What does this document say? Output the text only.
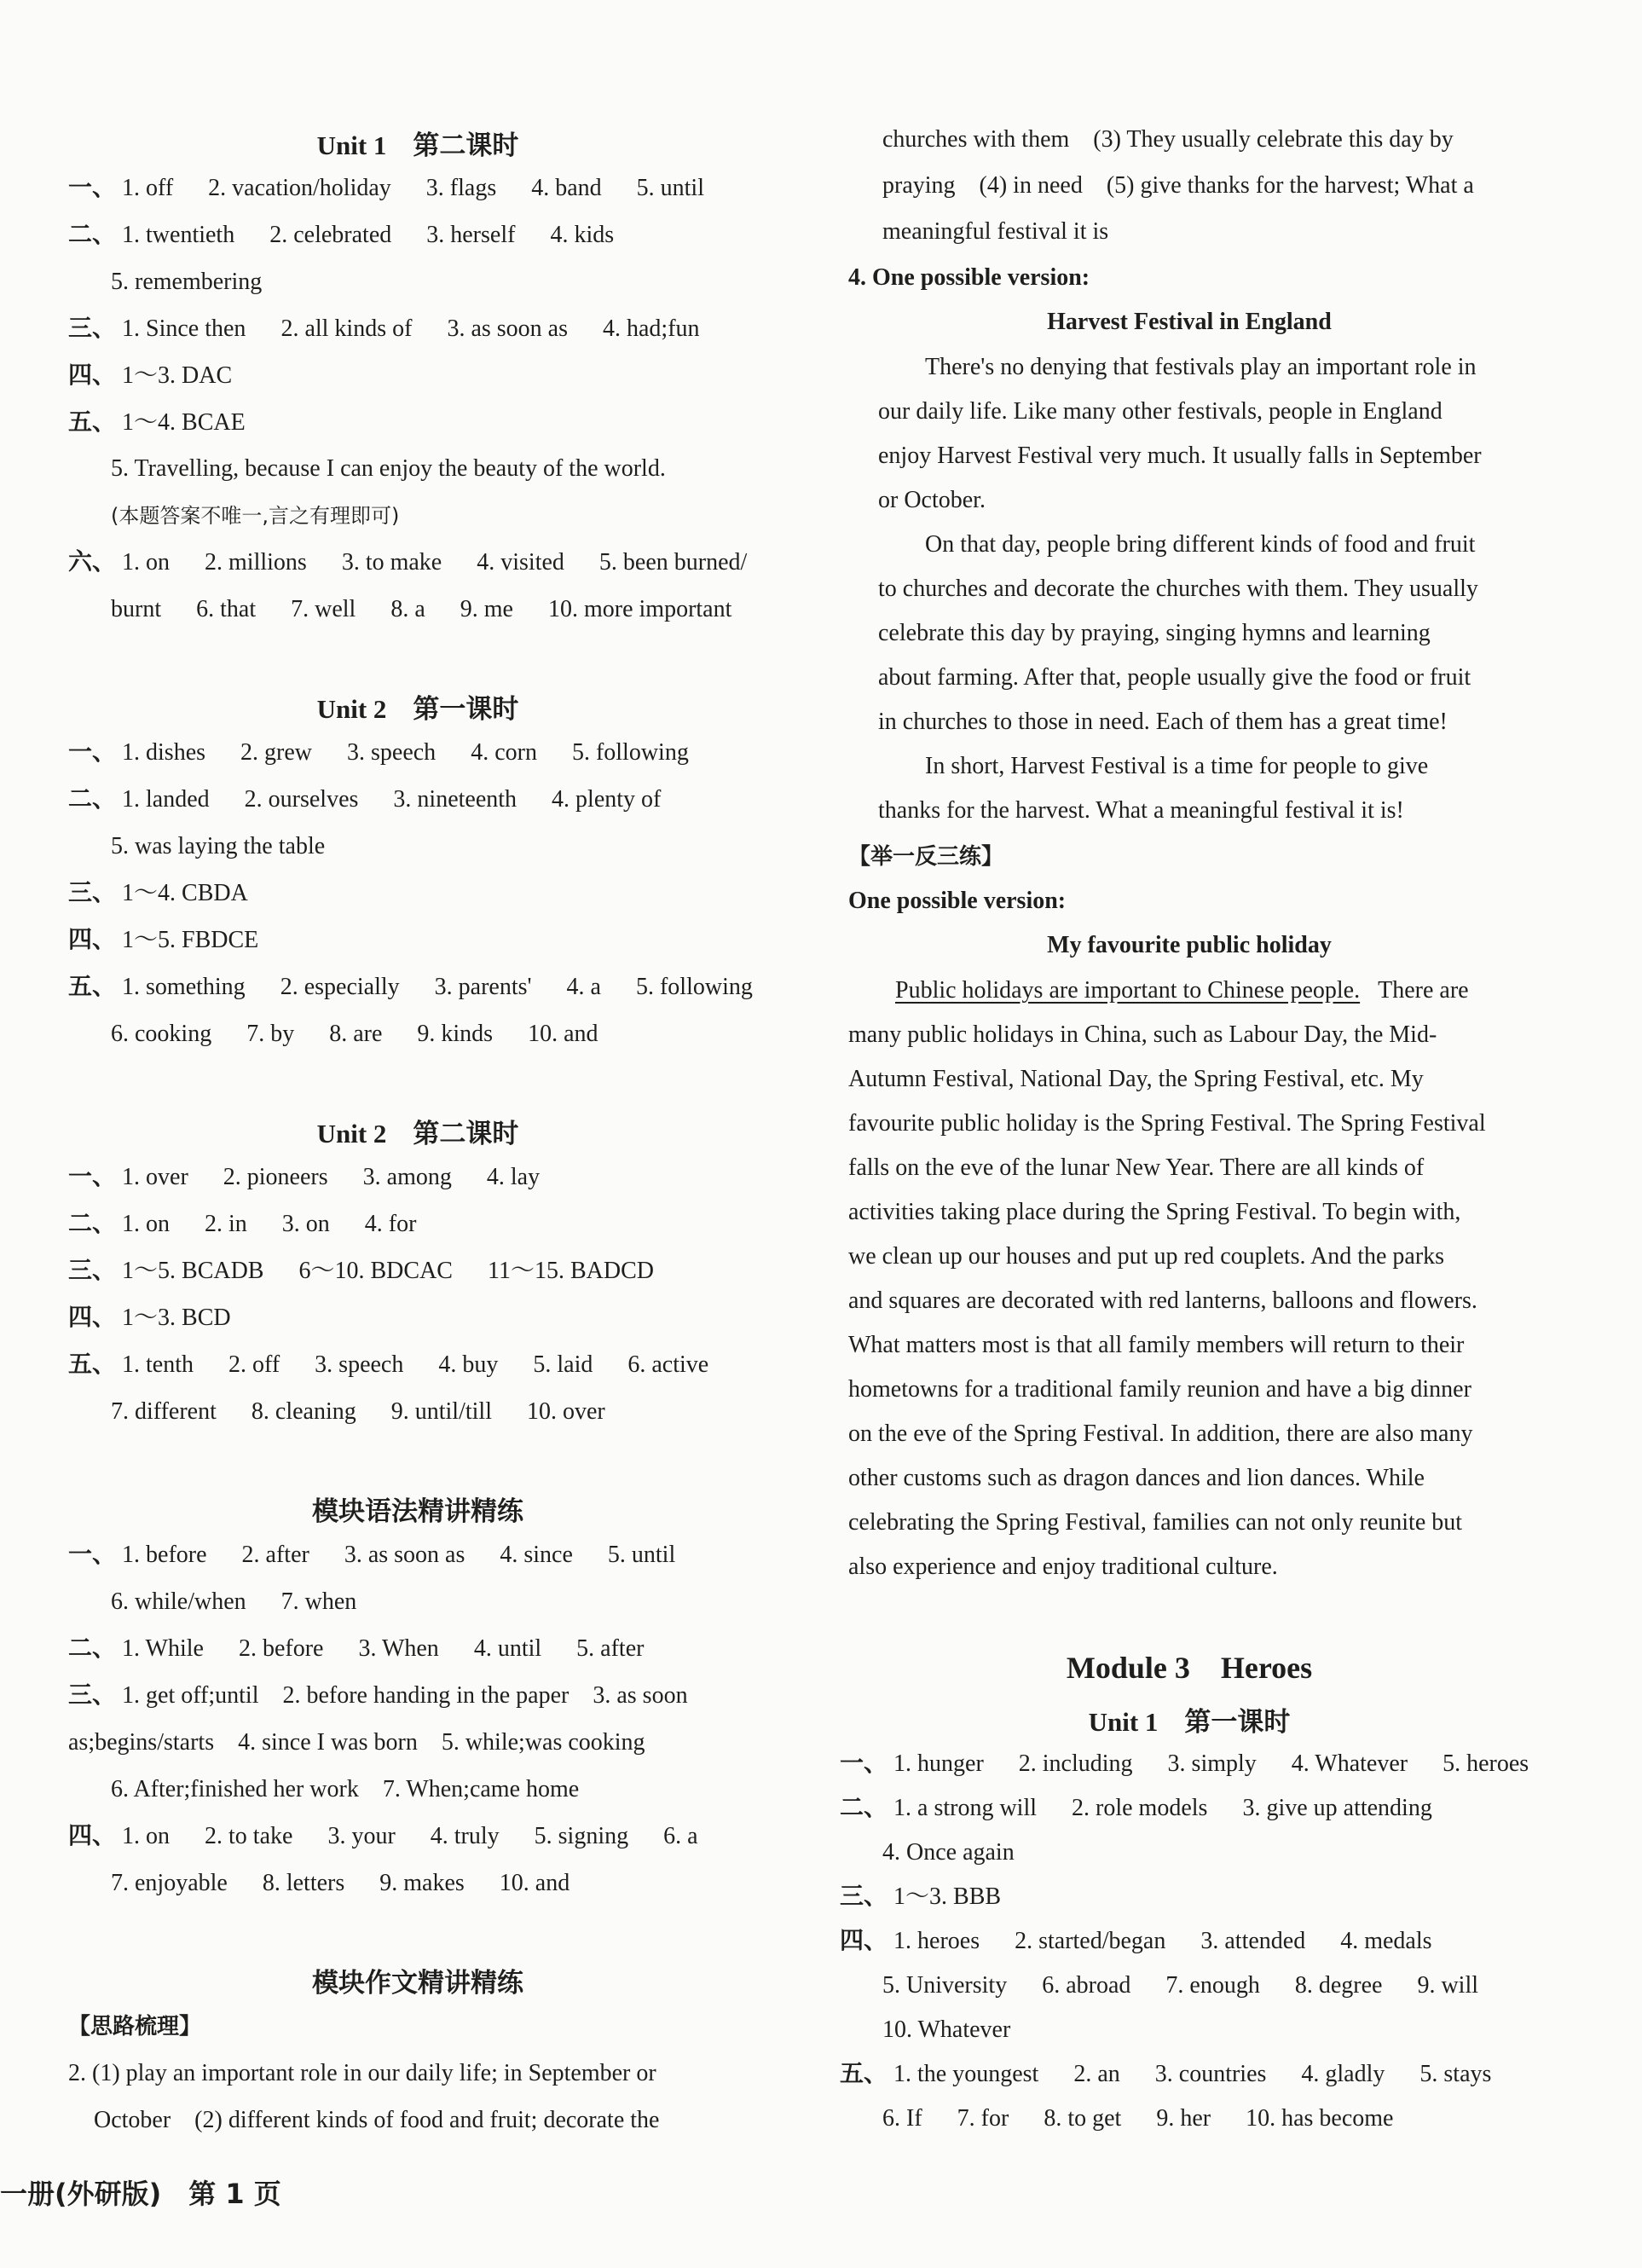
Unit 1　第二课时
一、 1. off 2. vacation/holiday 3. flags 4. band 5. until
二、 1. twentieth 2. celebrated 3. herself 4. kids
5. remembering
三、 1. Since then 2. all kinds of 3. as soon as 4. had;fun
四、 1～3. DAC
五、 1～4. BCAE
5. Travelling, because I can enjoy the beauty of the world.
(本题答案不唯一,言之有理即可)
六、 1. on 2. millions 3. to make 4. visited 5. been burned/
burnt 6. that 7. well 8. a 9. me 10. more important
Unit 2　第一课时
一、 1. dishes 2. grew 3. speech 4. corn 5. following
二、 1. landed 2. ourselves 3. nineteenth 4. plenty of
5. was laying the table
三、 1～4. CBDA
四、 1～5. FBDCE
五、 1. something 2. especially 3. parents' 4. a 5. following
6. cooking 7. by 8. are 9. kinds 10. and
Unit 2　第二课时
一、 1. over 2. pioneers 3. among 4. lay
二、 1. on 2. in 3. on 4. for
三、 1～5. BCADB 6～10. BDCAC 11～15. BADCD
四、 1～3. BCD
五、 1. tenth 2. off 3. speech 4. buy 5. laid 6. active
7. different 8. cleaning 9. until/till 10. over
模块语法精讲精练
一、 1. before 2. after 3. as soon as 4. since 5. until
6. while/when 7. when
二、 1. While 2. before 3. When 4. until 5. after
三、 1. get off;until　2. before handing in the paper　3. as soon
as;begins/starts　4. since I was born　5. while;was cooking
6. After;finished her work　7. When;came home
四、 1. on 2. to take 3. your 4. truly 5. signing 6. a
7. enjoyable 8. letters 9. makes 10. and
模块作文精讲精练
【思路梳理】
2. (1) play an important role in our daily life; in September or
October　(2) different kinds of food and fruit; decorate the
churches with them　(3) They usually celebrate this day by
praying　(4) in need　(5) give thanks for the harvest; What a
meaningful festival it is
4. One possible version:
Harvest Festival in England
There's no denying that festivals play an important role in
our daily life. Like many other festivals, people in England
enjoy Harvest Festival very much. It usually falls in September
or October.
On that day, people bring different kinds of food and fruit
to churches and decorate the churches with them. They usually
celebrate this day by praying, singing hymns and learning
about farming. After that, people usually give the food or fruit
in churches to those in need. Each of them has a great time!
In short, Harvest Festival is a time for people to give
thanks for the harvest. What a meaningful festival it is!
【举一反三练】
One possible version:
My favourite public holiday
Public holidays are important to Chinese people. There are
many public holidays in China, such as Labour Day, the Mid-
Autumn Festival, National Day, the Spring Festival, etc. My
favourite public holiday is the Spring Festival. The Spring Festival
falls on the eve of the lunar New Year. There are all kinds of
activities taking place during the Spring Festival. To begin with,
we clean up our houses and put up red couplets. And the parks
and squares are decorated with red lanterns, balloons and flowers.
What matters most is that all family members will return to their
hometowns for a traditional family reunion and have a big dinner
on the eve of the Spring Festival. In addition, there are also many
other customs such as dragon dances and lion dances. While
celebrating the Spring Festival, families can not only reunite but
also experience and enjoy traditional culture.
Module 3　Heroes
Unit 1　第一课时
一、 1. hunger 2. including 3. simply 4. Whatever 5. heroes
二、 1. a strong will 2. role models 3. give up attending
4. Once again
三、 1～3. BBB
四、 1. heroes 2. started/began 3. attended 4. medals
5. University 6. abroad 7. enough 8. degree 9. will
10. Whatever
五、 1. the youngest 2. an 3. countries 4. gladly 5. stays
6. If 7. for 8. to get 9. her 10. has become
一册(外研版)　第 1 页
